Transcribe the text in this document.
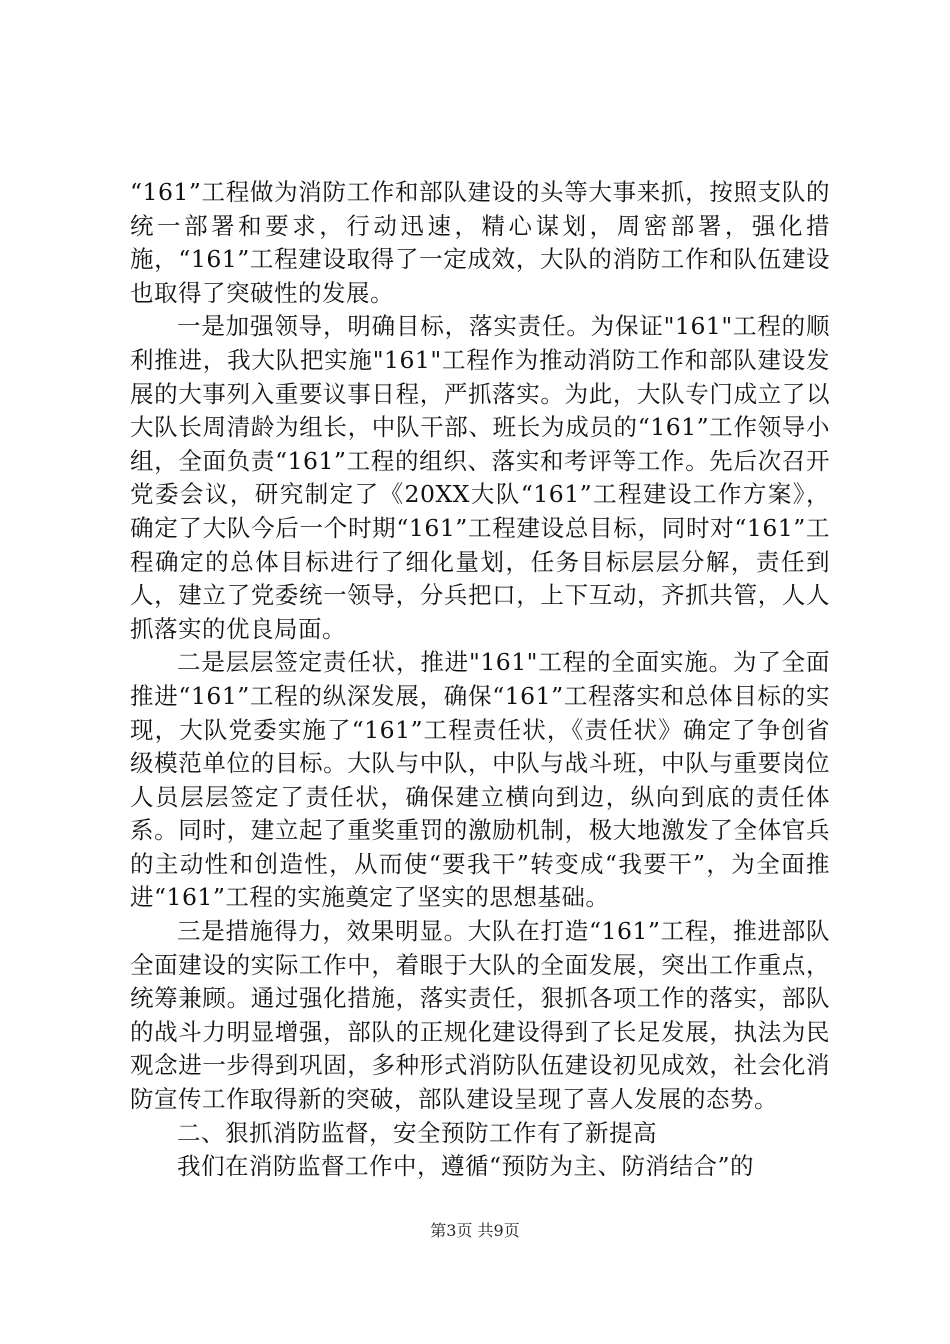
“161”工程做为消防工作和部队建设的头等大事来抓，按照支队的统一部署和要求，行动迅速，精心谋划，周密部署，强化措施，“161”工程建设取得了一定成效，大队的消防工作和队伍建设也取得了突破性的发展。

一是加强领导，明确目标，落实责任。为保证"161"工程的顺利推进，我大队把实施"161"工程作为推动消防工作和部队建设发展的大事列入重要议事日程，严抓落实。为此，大队专门成立了以大队长周清龄为组长，中队干部、班长为成员的“161”工作领导小组，全面负责“161”工程的组织、落实和考评等工作。先后次召开党委会议，研究制定了《20XX大队“161”工程建设工作方案》，确定了大队今后一个时期“161”工程建设总目标，同时对“161”工程确定的总体目标进行了细化量划，任务目标层层分解，责任到人，建立了党委统一领导，分兵把口，上下互动，齐抓共管，人人抓落实的优良局面。

二是层层签定责任状，推进"161"工程的全面实施。为了全面推进“161”工程的纵深发展，确保“161”工程落实和总体目标的实现，大队党委实施了“161”工程责任状，《责任状》确定了争创省级模范单位的目标。大队与中队，中队与战斗班，中队与重要岗位人员层层签定了责任状，确保建立横向到边，纵向到底的责任体系。同时，建立起了重奖重罚的激励机制，极大地激发了全体官兵的主动性和创造性，从而使“要我干”转变成“我要干”，为全面推进“161”工程的实施奠定了坚实的思想基础。

三是措施得力，效果明显。大队在打造“161”工程，推进部队全面建设的实际工作中，着眼于大队的全面发展，突出工作重点，统筹兼顾。通过强化措施，落实责任，狠抓各项工作的落实，部队的战斗力明显增强，部队的正规化建设得到了长足发展，执法为民观念进一步得到巩固，多种形式消防队伍建设初见成效，社会化消防宣传工作取得新的突破，部队建设呈现了喜人发展的态势。

二、狠抓消防监督，安全预防工作有了新提高

我们在消防监督工作中，遵循“预防为主、防消结合”的

第3页 共9页
